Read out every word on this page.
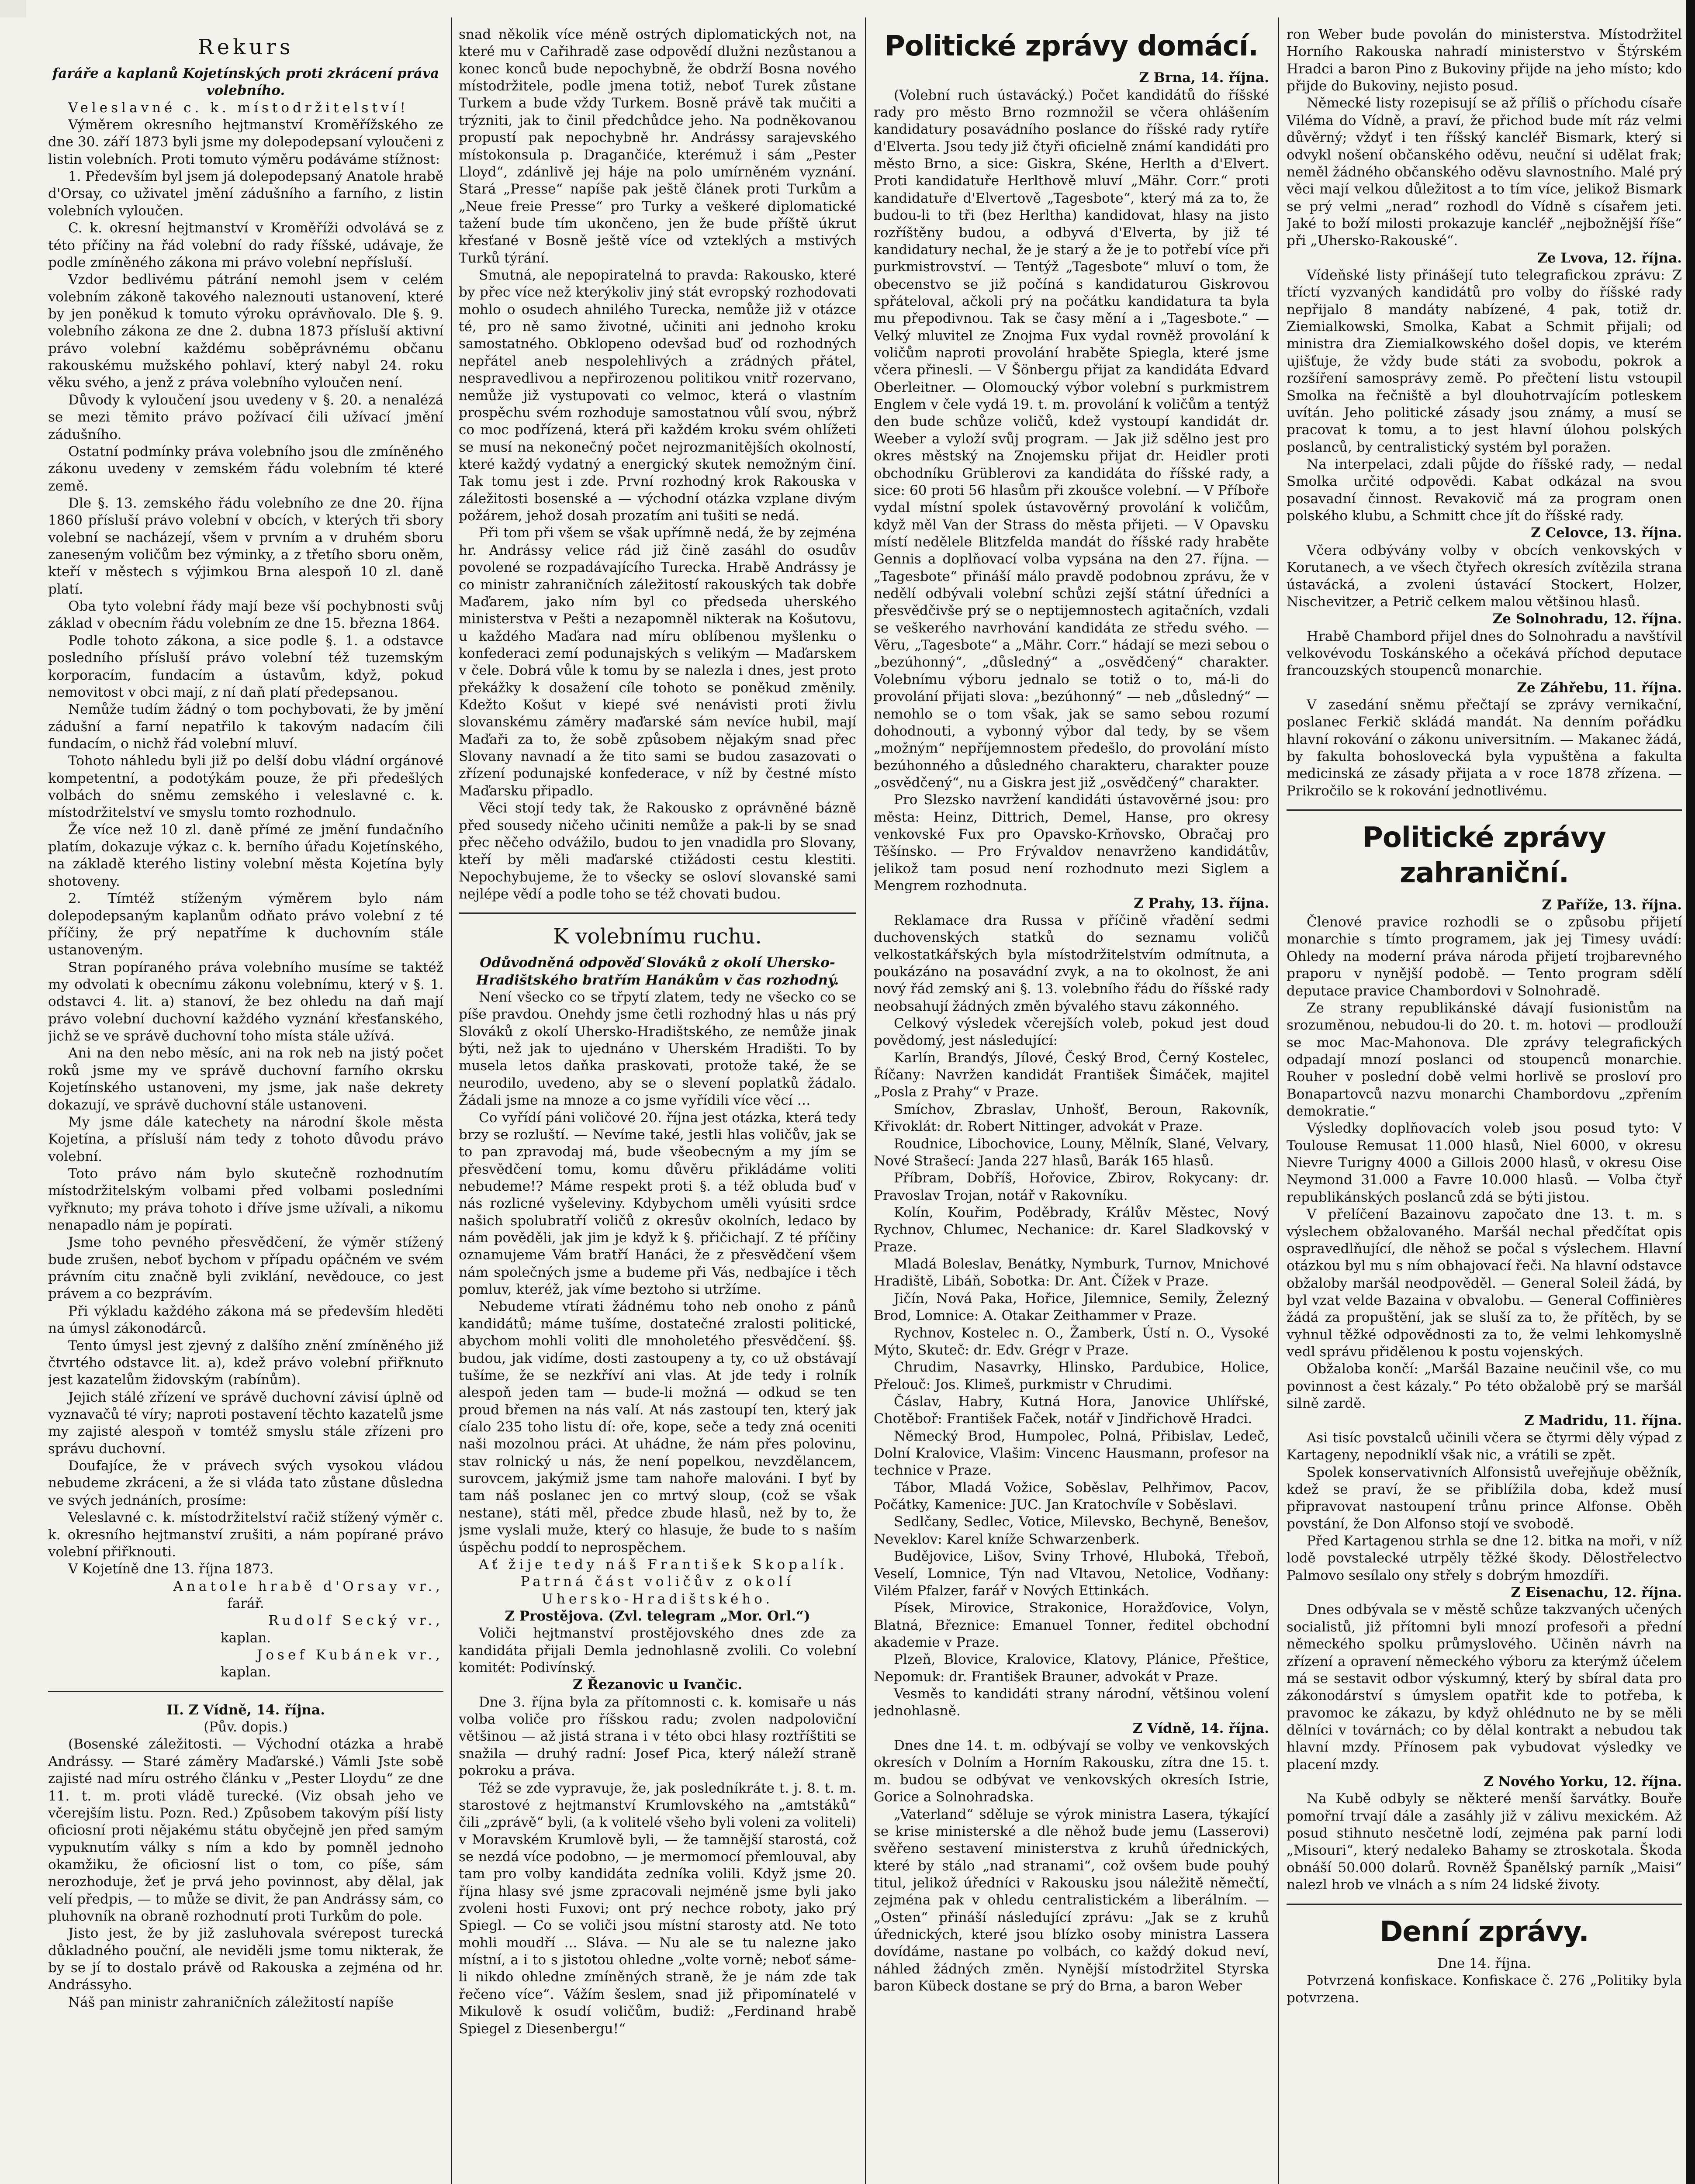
Rekurs

farářе a kaplanů Kojetínských proti zkrácení práva volebního.

Veleslavné c. k. místodržitelství!

Výměrem okresního hejtmanství Kroměřížského ze dne 30. září 1873 byli jsme my dolepodepsaní vyloučeni z listin volebních. Proti tomuto výměru podáváme stížnost:

1. Především byl jsem já dolepodepsaný Anatole hrabě d'Orsay, co uživatel jmění zádušního a farního, z listin volebních vyloučen.

C. k. okresní hejtmanství v Kroměříži odvolává se z této příčiny na řád volební do rady říšské, udávaje, že podle zmíněného zákona mi právo volební nepřísluší.

Vzdor bedlivému pátrání nemohl jsem v celém volebním zákoně takového naleznouti ustanovení, které by jen poněkud k tomuto výroku oprávňovalo. Dle §. 9. volebního zákona ze dne 2. dubna 1873 přísluší aktivní právo volební každému soběprávnému občanu rakouskému mužského pohlaví, který nabyl 24. roku věku svého, a jenž z práva volebního vyloučen není.

Důvody k vyloučení jsou uvedeny v §. 20. a nenalézá se mezi těmito právo požívací čili užívací jmění zádušního.

Ostatní podmínky práva volebního jsou dle zmíněného zákonu uvedeny v zemském řádu volebním té které země.

Dle §. 13. zemského řádu volebního ze dne 20. října 1860 přísluší právo volební v obcích, v kterých tři sbory volební se nacházejí, všem v prvním a v druhém sboru zaneseným voličům bez výminky, a z třetího sboru oněm, kteří v městech s výjimkou Brna alespoň 10 zl. daně platí.

Oba tyto volební řády mají beze vší pochybnosti svůj základ v obecním řádu volebním ze dne 15. března 1864.

Podle tohoto zákona, a sice podle §. 1. a odstavce posledního přísluší právo volební též tuzemským korporacím, fundacím a ústavům, když, pokud nemovitost v obci mají, z ní daň platí předepsanou.

Nemůže tudím žádný o tom pochybovati, že by jmění zádušní a farní nepatřilo k takovým nadacím čili fundacím, o nichž řád volební mluví.

Tohoto náhledu byli již po delší dobu vládní orgánové kompetentní, a podotýkám pouze, že při předešlých volbách do sněmu zemského i veleslavné c. k. místodržitelství ve smyslu tomto rozhodnulo.

Že více než 10 zl. daně přímé ze jmění fundačního platím, dokazuje výkaz c. k. berního úřadu Kojetínského, na základě kterého listiny volební města Kojetína byly shotoveny.

2. Tímtéž stíženým výměrem bylo nám dolepodepsaným kaplanům odňato právo volební z té příčiny, že prý nepatříme k duchovním stále ustanoveným.

Stran popíraného práva volebního musíme se taktéž my odvolati k obecnímu zákonu volebnímu, který v §. 1. odstavci 4. lit. a) stanoví, že bez ohledu na daň mají právo volební duchovní každého vyznání křesťanského, jichž se ve správě duchovní toho místa stále užívá.

Ani na den nebo měsíc, ani na rok neb na jistý počet roků jsme my ve správě duchovní farního okrsku Kojetínského ustanoveni, my jsme, jak naše dekrety dokazují, ve správě duchovní stále ustanoveni.

My jsme dále katechety na národní škole města Kojetína, a přísluší nám tedy z tohoto důvodu právo volební.

Toto právo nám bylo skutečně rozhodnutím místodržitelským volbami před volbami posledními vyřknuto; my práva tohoto i dříve jsme užívali, a nikomu nenapadlo nám je popírati.

Jsme toho pevného přesvědčení, že výměr stížený bude zrušen, neboť bychom v případu opáčném ve svém právním citu značně byli zviklání, nevědouce, co jest právem a co bezprávím.

Při výkladu každého zákona má se především hleděti na úmysl zákonodárců.

Tento úmysl jest zjevný z dalšího znění zmíněného již čtvrtého odstavce lit. a), kdež právo volební přiřknuto jest kazatelům židovským (rabínům).

Jejich stálé zřízení ve správě duchovní závisí úplně od vyznavačů té víry; naproti postavení těchto kazatelů jsme my zajisté alespoň v tomtéž smyslu stále zřízeni pro správu duchovní.

Doufajíce, že v právech svých vysokou vládou nebudeme zkráceni, a že si vláda tato zůstane důsledna ve svých jednáních, prosíme:

Veleslavné c. k. místodržitelství račiž stížený výměr c. k. okresního hejtmanství zrušiti, a nám popírané právo volební přiřknouti.

V Kojetíně dne 13. října 1873.

Anatole hrabě d'Orsay vr.,

farář.

Rudolf Secký vr.,

kaplan.

Josef Kubánek vr.,

kaplan.

II. Z Vídně, 14. října.

(Pův. dopis.)

(Bosenské záležitosti. — Východní otázka a hrabě Andrássy. — Staré záměry Maďarské.) Vámli Jste sobě zajisté nad míru ostrého článku v „Pester Lloydu“ ze dne 11. t. m. proti vládě turecké. (Viz obsah jeho ve včerejším listu. Pozn. Red.) Způsobem takovým píší listy oficiosní proti nějakému státu obyčejně jen před samým vypuknutím války s ním a kdo by pomněl jednoho okamžiku, že oficiosní list o tom, co píše, sám nerozhoduje, žeť je prvá jeho povinnost, aby dělal, jak velí předpis, — to může se divit, že pan Andrássy sám, co pluhovník na obraně rozhodnutí proti Turkům do pole.

Jisto jest, že by již zasluhovala svérepost turecká důkladného pouční, ale neviděli jsme tomu nikterak, že by se jí to dostalo právě od Rakouska a zejména od hr. Andrássyho.

Náš pan ministr zahraničních záležitostí napíše

snad několik více méně ostrých diplomatických not, na které mu v Cařihradě zase odpovědí dlužni nezůstanou a konec konců bude nepochybně, že obdrží Bosna nového místodržitele, podle jmena totiž, neboť Turek zůstane Turkem a bude vždy Turkem. Bosně právě tak mučiti a trýzniti, jak to činil předchůdce jeho. Na podněkovanou propustí pak nepochybně hr. Andrássy sarajevského místokonsula p. Dragančiće, kterémuž i sám „Pester Lloyd“, zdánlivě jej háje na polo umírněném vyznání. Stará „Presse“ napíše pak ještě článek proti Turkům a „Neue freie Presse“ pro Turky a veškeré diplomatické tažení bude tím ukončeno, jen že bude příště úkrut křesťané v Bosně ještě více od vzteklých a mstivých Turků týrání.

Smutná, ale nepopiratelná to pravda: Rakousko, které by přec více než kterýkoliv jiný stát evropský rozhodovati mohlo o osudech ahnilého Turecka, nemůže již v otázce té, pro ně samo životné, učiniti ani jednoho kroku samostatného. Obklopeno odevšad buď od rozhodných nepřátel aneb nespolehlivých a zrádných přátel, nespravedlivou a nepřirozenou politikou vnitř rozervano, nemůže již vystupovati co velmoc, která o vlastním prospěchu svém rozhoduje samostatnou vůlí svou, nýbrž co moc podřízená, která při každém kroku svém ohlížeti se musí na nekonečný počet nejrozmanitějších okolností, které každý vydatný a energický skutek nemožným činí. Tak tomu jest i zde. První rozhodný krok Rakouska v záležitosti bosenské a — východní otázka vzplane divým požárem, jehož dosah prozatím ani tušiti se nedá.

Při tom při všem se však upřímně nedá, že by zejména hr. Andrássy velice rád již čině zasáhl do osudův povolené se rozpadávajícího Turecka. Hrabě Andrássy je co ministr zahraničních záležitostí rakouských tak dobře Maďarem, jako ním byl co předseda uherského ministerstva v Pešti a nezapomněl nikterak na Košutovu, u každého Maďara nad míru oblíbenou myšlenku o konfederaci zemí podunajských s velikým — Maďarskem v čele. Dobrá vůle k tomu by se nalezla i dnes, jest proto překážky k dosažení cíle tohoto se poněkud změnily. Kdežto Košut v kiepé své nenávisti proti živlu slovanskému záměry maďarské sám nevíce hubil, mají Maďaři za to, že sobě způsobem nějakým snad přec Slovany navnadí a že tito sami se budou zasazovati o zřízení podunajské konfederace, v níž by čestné místo Maďarsku připadlo.

Věci stojí tedy tak, že Rakousko z oprávněné bázně před sousedy ničeho učiniti nemůže a pak-li by se snad přec něčeho odvážilo, budou to jen vnadidla pro Slovany, kteří by měli maďarské ctižádosti cestu klestiti. Nepochybujeme, že to všecky se osloví slovanské sami nejlépe vědí a podle toho se též chovati budou.

K volebnímu ruchu.

Odůvodněná odpověď Slováků z okolí Uhersko-Hradištského bratřím Hanákům v čas rozhodný.

Není všecko co se třpytí zlatem, tedy ne všecko co se píše pravdou. Onehdy jsme četli rozhodný hlas u nás prý Slováků z okolí Uhersko-Hradištského, ze nemůže jinak býti, než jak to ujednáno v Uherském Hradišti. To by musela letos daňka praskovati, protože také, že se neurodilo, uvedeno, aby se o slevení poplatků žádalo. Žádali jsme na mnoze a co jsme vyřídili více věcí …

Co vyřídí páni voličové 20. října jest otázka, která tedy brzy se rozluští. — Nevíme také, jestli hlas voličův, jak se to pan zpravodaj má, bude všeobecným a my jím se přesvědčení tomu, komu důvěru přikládáme voliti nebudeme!? Máme respekt proti §. a též obluda buď v nás rozlicné vyšeleviny. Kdybychom uměli vyúsiti srdce našich spolubratří voličů z okresův okolních, ledaco by nám pověděli, jak jim je když k §. přičichají. Z té příčiny oznamujeme Vám bratří Hanáci, že z přesvědčení všem nám společných jsme a budeme při Vás, nedbajíce i těch pomluv, kteréž, jak víme beztoho si utržíme.

Nebudeme vtírati žádnému toho neb onoho z pánů kandidátů; máme tušíme, dostatečné zralosti politické, abychom mohli voliti dle mnoholetého přesvědčení. §§. budou, jak vidíme, dosti zastoupeny a ty, co už obstávají tušíme, že se nezkříví ani vlas. At jde tedy i rolník alespoň jeden tam — bude-li možná — odkud se ten proud břemen na nás valí. At nás zastoupí ten, který jak cíalo 235 toho listu dí: oře, kope, seče a tedy zná oceniti naši mozolnou práci. At uhádne, že nám přes polovinu, stav rolnický u nás, že není popelkou, nevzdělancem, surovcem, jakýmiž jsme tam nahoře malováni. I byť by tam náš poslanec jen co mrtvý sloup, (což se však nestane), státi měl, předce zbude hlasů, než by to, že jsme vyslali muže, který co hlasuje, že bude to s naším úspěchu poddí to neprospěchem.

Ať žije tedy náš František Skopalík.

Patrná část voličův z okolí

Uhersko-Hradištského.

Z Prostějova. (Zvl. telegram „Mor. Orl.“)

Voliči hejtmanství prostějovského dnes zde za kandidáta přijali Demla jednohlasně zvolili. Co volební komitét: Podivínský.

Z Řezanovic u Ivančic.

Dne 3. října byla za přítomnosti c. k. komisaře u nás volba voliče pro říšskou radu; zvolen nadpoloviční většinou — až jistá strana i v této obci hlasy roztříštiti se snažila — druhý radní: Josef Pica, který náleží straně pokroku a práva.

Též se zde vypravuje, že, jak posledníkráte t. j. 8. t. m. starostové z hejtmanství Krumlovského na „amtstáků“ čili „zprávě“ byli, (a k volitelé všeho byli voleni za voliteli) v Moravském Krumlově byli, — že tamnější starostá, což se nezdá více podobno, — je mermomocí přemlouval, aby tam pro volby kandidáta zedníka volili. Když jsme 20. října hlasy své jsme zpracovali nejméně jsme byli jako zvoleni hosti Fuxovi; ont prý nechce roboty, jako prý Spiegl. — Co se voliči jsou místní starosty atd. Ne toto mohli moudří ... Sláva. — Nu ale se tu nalezne jako místní, a i to s jistotou ohledne „volte vorně; neboť sáme-li nikdo ohledne zmíněných straně, že je nám zde tak řečeno více“. Vážím šeslem, snad již připomínatelé v Mikulově k osudí voličům, budiž: „Ferdinand hrabě Spiegel z Diesenbergu!“

Politické zprávy domácí.

Z Brna, 14. října.

(Volební ruch ústavácký.) Počet kandidátů do říšské rady pro město Brno rozmnožil se včera ohlášením kandidatury posavádního poslance do říšské rady rytíře d'Elverta. Jsou tedy již čtyři oficielně známí kandidáti pro město Brno, a sice: Giskra, Skéne, Herlth a d'Elvert. Proti kandidatuře Herlthově mluví „Mähr. Corr.“ proti kandidatuře d'Elvertově „Tagesbote“, který má za to, že budou-li to tři (bez Herltha) kandidovat, hlasy na jisto rozříštěny budou, a odbyvá d'Elverta, by již té kandidatury nechal, že je starý a že je to potřebí více při purkmistrovství. — Tentýž „Tagesbote“ mluví o tom, že obecenstvo se již počíná s kandidaturou Giskrovou spřáteloval, ačkoli prý na počátku kandidatura ta byla mu přepodivnou. Tak se časy mění a i „Tagesbote.“ — Velký mluvitel ze Znojma Fux vydal rovněž provolání k voličům naproti provolání hraběte Spiegla, které jsme včera přinesli. — V Šönbergu přijat za kandidáta Edvard Oberleitner. — Olomoucký výbor volební s purkmistrem Englem v čele vydá 19. t. m. provolání k voličům a tentýž den bude schůze voličů, kdež vystoupí kandidát dr. Weeber a vyloží svůj program. — Jak již sdělno jest pro okres městský na Znojemsku přijat dr. Heidler proti obchodníku Grüblerovi za kandidáta do říšské rady, a sice: 60 proti 56 hlasům při zkoušce volební. — V Příboře vydal místní spolek ústavověrný provolání k voličům, když měl Van der Strass do města přijeti. — V Opavsku místí nedělele Blitzfelda mandát do říšské rady hraběte Gennis a doplňovací volba vypsána na den 27. října. — „Tagesbote“ přináší málo pravdě podobnou zprávu, že v nedělí odbývali volební schůzi zejší státní úředníci a přesvědčivše prý se o neptijemnostech agitačních, vzdali se veškerého navrhování kandidáta ze středu svého. — Věru, „Tagesbote“ a „Mähr. Corr.“ hádají se mezi sebou o „bezúhonný“, „důsledný“ a „osvědčený“ charakter. Volebnímu výboru jednalo se totiž o to, má-li do provolání přijati slova: „bezúhonný“ — neb „důsledný“ — nemohlo se o tom však, jak se samo sebou rozumí dohodnouti, a vybonný výbor dal tedy, by se všem „možným“ nepříjemnostem předešlo, do provolání místo bezúhonného a důsledného charakteru, charakter pouze „osvědčený“, nu a Giskra jest již „osvědčený“ charakter.

Pro Slezsko navržení kandidáti ústavověrné jsou: pro města: Heinz, Dittrich, Demel, Hanse, pro okresy venkovské Fux pro Opavsko-Krňovsko, Obračaj pro Těšínsko. — Pro Frývaldov nenavrženo kandidátův, jelikož tam posud není rozhodnuto mezi Siglem a Mengrem rozhodnuta.

Z Prahy, 13. října.

Reklamace dra Russa v příčině vřadění sedmi duchovenských statků do seznamu voličů velkostatkářských byla místodržitelstvím odmítnuta, a poukázáno na posavádní zvyk, a na to okolnost, že ani nový řád zemský ani §. 13. volebního řádu do říšské rady neobsahují žádných změn bývalého stavu zákonného.

Celkový výsledek včerejších voleb, pokud jest doud povědomý, jest následující:

Karlín, Brandýs, Jílové, Český Brod, Černý Kostelec, Říčany: Navržen kandidát František Šimáček, majitel „Posla z Prahy“ v Praze.

Smíchov, Zbraslav, Unhošť, Beroun, Rakovník, Křivoklát: dr. Robert Nittinger, advokát v Praze.

Roudnice, Libochovice, Louny, Mělník, Slané, Velvary, Nové Strašecí: Janda 227 hlasů, Barák 165 hlasů.

Příbram, Dobříš, Hořovice, Zbirov, Rokycany: dr. Pravoslav Trojan, notář v Rakovníku.

Kolín, Kouřim, Poděbrady, Králův Městec, Nový Rychnov, Chlumec, Nechanice: dr. Karel Sladkovský v Praze.

Mladá Boleslav, Benátky, Nymburk, Turnov, Mnichové Hradiště, Libáň, Sobotka: Dr. Ant. Čížek v Praze.

Jičín, Nová Paka, Hořice, Jilemnice, Semily, Železný Brod, Lomnice: A. Otakar Zeithammer v Praze.

Rychnov, Kostelec n. O., Žamberk, Ústí n. O., Vysoké Mýto, Skuteč: dr. Edv. Grégr v Praze.

Chrudim, Nasavrky, Hlinsko, Pardubice, Holice, Přelouč: Jos. Klimeš, purkmistr v Chrudimi.

Čáslav, Habry, Kutná Hora, Janovice Uhlířské, Chotěboř: František Faček, notář v Jindřichově Hradci.

Německý Brod, Humpolec, Polná, Přibislav, Ledeč, Dolní Kralovice, Vlašim: Vincenc Hausmann, profesor na technice v Praze.

Tábor, Mladá Vožice, Soběslav, Pelhřimov, Pacov, Počátky, Kamenice: JUC. Jan Kratochvíle v Soběslavi.

Sedlčany, Sedlec, Votice, Milevsko, Bechyně, Benešov, Neveklov: Karel kníže Schwarzenberk.

Budějovice, Lišov, Sviny Trhové, Hluboká, Třeboň, Veselí, Lomnice, Týn nad Vltavou, Netolice, Vodňany: Vilém Pfalzer, farář v Nových Ettinkách.

Písek, Mirovice, Strakonice, Horažďovice, Volyn, Blatná, Březnice: Emanuel Tonner, ředitel obchodní akademie v Praze.

Plzeň, Blovice, Kralovice, Klatovy, Plánice, Přeštice, Nepomuk: dr. František Brauner, advokát v Praze.

Vesměs to kandidáti strany národní, většinou volení jednohlasně.

Z Vídně, 14. října.

Dnes dne 14. t. m. odbývají se volby ve venkovských okresích v Dolním a Horním Rakousku, zítra dne 15. t. m. budou se odbývat ve venkovských okresích Istrie, Gorice a Solnohradska.

„Vaterland“ sděluje se výrok ministra Lasera, týkající se krise ministerské a dle něhož bude jemu (Lasserovi) svěřeno sestavení ministerstva z kruhů úřednických, které by stálo „nad stranami“, což ovšem bude pouhý titul, jelikož úředníci v Rakousku jsou náležitě němečtí, zejména pak v ohledu centralistickém a liberálním. — „Osten“ přináší následující zprávu: „Jak se z kruhů úřednických, které jsou blízko osoby ministra Lassera dovídáme, nastane po volbách, co každý dokud neví, náhled žádných změn. Nynější místodržitel Styrska baron Kübeck dostane se prý do Brna, a baron Weber

ron Weber bude povolán do ministerstva. Místodržitel Horního Rakouska nahradí ministerstvo v Štýrském Hradci a baron Pino z Bukoviny přijde na jeho místo; kdo přijde do Bukoviny, nejisto posud.

Německé listy rozepisují se až příliš o příchodu císaře Viléma do Vídně, a praví, že přichod bude mít ráz velmi důvěrný; vždyť i ten říšský kancléř Bismark, který si odvykl nošení občanského oděvu, neuční si udělat frak; neměl žádného občanského oděvu slavnostního. Malé prý věci mají velkou důležitost a to tím více, jelikož Bismark se prý velmi „nerad“ rozhodl do Vídně s císařem jeti. Jaké to boží milosti prokazuje kancléř „nejbožnější říše“ při „Uhersko-Rakouské“.

Ze Lvova, 12. října.

Vídeňské listy přinášejí tuto telegrafickou zprávu: Z tříctí vyzvaných kandidátů pro volby do říšské rady nepřijalo 8 mandáty nabízené, 4 pak, totiž dr. Ziemialkowski, Smolka, Kabat a Schmit přijali; od ministra dra Ziemialkowského došel dopis, ve kterém ujišťuje, že vždy bude státi za svobodu, pokrok a rozšíření samosprávy země. Po přečtení listu vstoupil Smolka na řečniště a byl dlouhotrvajícím potleskem uvítán. Jeho politické zásady jsou známy, a musí se pracovat k tomu, a to jest hlavní úlohou polských poslanců, by centralistický systém byl poražen.

Na interpelaci, zdali půjde do říšské rady, — nedal Smolka určité odpovědi. Kabat odkázal na svou posavadní činnost. Revakovič má za program onen polského klubu, a Schmitt chce jít do říšské rady.

Z Celovce, 13. října.

Včera odbývány volby v obcích venkovských v Korutanech, a ve všech čtyřech okresích zvítězila strana ústavácká, a zvoleni ústavácí Stockert, Holzer, Nischevitzer, a Petrič celkem malou většinou hlasů.

Ze Solnohradu, 12. října.

Hrabě Chambord přijel dnes do Solnohradu a navštívil velkovévodu Toskánského a očekává příchod deputace francouzských stoupenců monarchie.

Ze Záhřebu, 11. října.

V zasedání sněmu přečtají se zprávy vernikační, poslanec Ferkič skládá mandát. Na denním pořádku hlavní rokování o zákonu universitním. — Makanec žádá, by fakulta bohoslovecká byla vypuštěna a fakulta medicinská ze zásady přijata a v roce 1878 zřízena. — Prikročilo se k rokování jednotlivému.

Politické zprávy zahraniční.

Z Paříže, 13. října.

Členové pravice rozhodli se o způsobu přijetí monarchie s tímto programem, jak jej Timesy uvádí: Ohledy na moderní práva národa přijetí trojbarevného praporu v nynější podobě. — Tento program sdělí deputace pravice Chambordovi v Solnohradě.

Ze strany republikánské dávají fusionistům na srozuměnou, nebudou-li do 20. t. m. hotovi — prodlouží se moc Mac-Mahonova. Dle zprávy telegrafických odpadají mnozí poslanci od stoupenců monarchie. Rouher v poslední době velmi horlivě se prosloví pro Bonapartovců nazvu monarchi Chambordovu „zpřením demokratie.“

Výsledky doplňovacích voleb jsou posud tyto: V Toulouse Remusat 11.000 hlasů, Niel 6000, v okresu Nievre Turigny 4000 a Gillois 2000 hlasů, v okresu Oise Neymond 31.000 a Favre 10.000 hlasů. — Volba čtyř republikánských poslanců zdá se býti jistou.

V přelíčení Bazainovu započato dne 13. t. m. s výslechem obžalovaného. Maršál nechal předčítat opis ospravedlňující, dle něhož se počal s výslechem. Hlavní otázkou byl mu s ním obhajovací řeči. Na hlavní odstavce obžaloby maršál neodpověděl. — General Soleil žádá, by byl vzat velde Bazaina v obvalobu. — General Coffinières žádá za propuštění, jak se sluší za to, že přítěch, by se vyhnul těžké odpovědnosti za to, že velmi lehkomyslně vedl správu přidělenou k postu vojenských.

Obžaloba končí: „Maršál Bazaine neučinil vše, co mu povinnost a čest kázaly.“ Po této obžalobě prý se maršál silně zardě.

Z Madridu, 11. října.

Asi tisíc povstalců učinili včera se čtyrmi děly výpad z Kartageny, nepodniklí však nic, a vrátili se zpět.

Spolek konservativních Alfonsistů uveřejňuje oběžník, kdež se praví, že se přiblížila doba, kdež musí připravovat nastoupení trůnu prince Alfonse. Oběh povstání, že Don Alfonso stojí ve svobodě.

Před Kartagenou strhla se dne 12. bitka na moři, v níž lodě povstalecké utrpěly těžké škody. Dělostřelectvo Palmovo sesílalo ony střely s dobrým hmozdíři.

Z Eisenachu, 12. října.

Dnes odbývala se v městě schůze takzvaných učených socialistů, již přítomni byli mnozí profesoři a přední německého spolku průmyslového. Učiněn návrh na zřízení a opravení německého výboru za kterýmž účelem má se sestavit odbor výskumný, který by sbíral data pro zákonodárství s úmyslem opatřit kde to potřeba, k pravomoc ke zákazu, by když ohlédnuto ne by se měli dělníci v továrnách; co by dělal kontrakt a nebudou tak hlavní mzdy. Přínosem pak vybudovat výsledky ve placení mzdy.

Z Nového Yorku, 12. října.

Na Kubě odbyly se některé menší šarvátky. Bouře pomořní trvají dále a zasáhly již v zálivu mexickém. Až posud stihnuto nesčetně lodí, zejména pak parní lodi „Misouri“, který nedaleko Bahamy se ztroskotala. Škoda obnáší 50.000 dolarů. Rovněž Španělský parník „Maisi“ nalezl hrob ve vlnách a s ním 24 lidské životy.

Denní zprávy.

Dne 14. října.

Potvrzená konfiskace. Konfiskace č. 276 „Politiky byla potvrzena.
